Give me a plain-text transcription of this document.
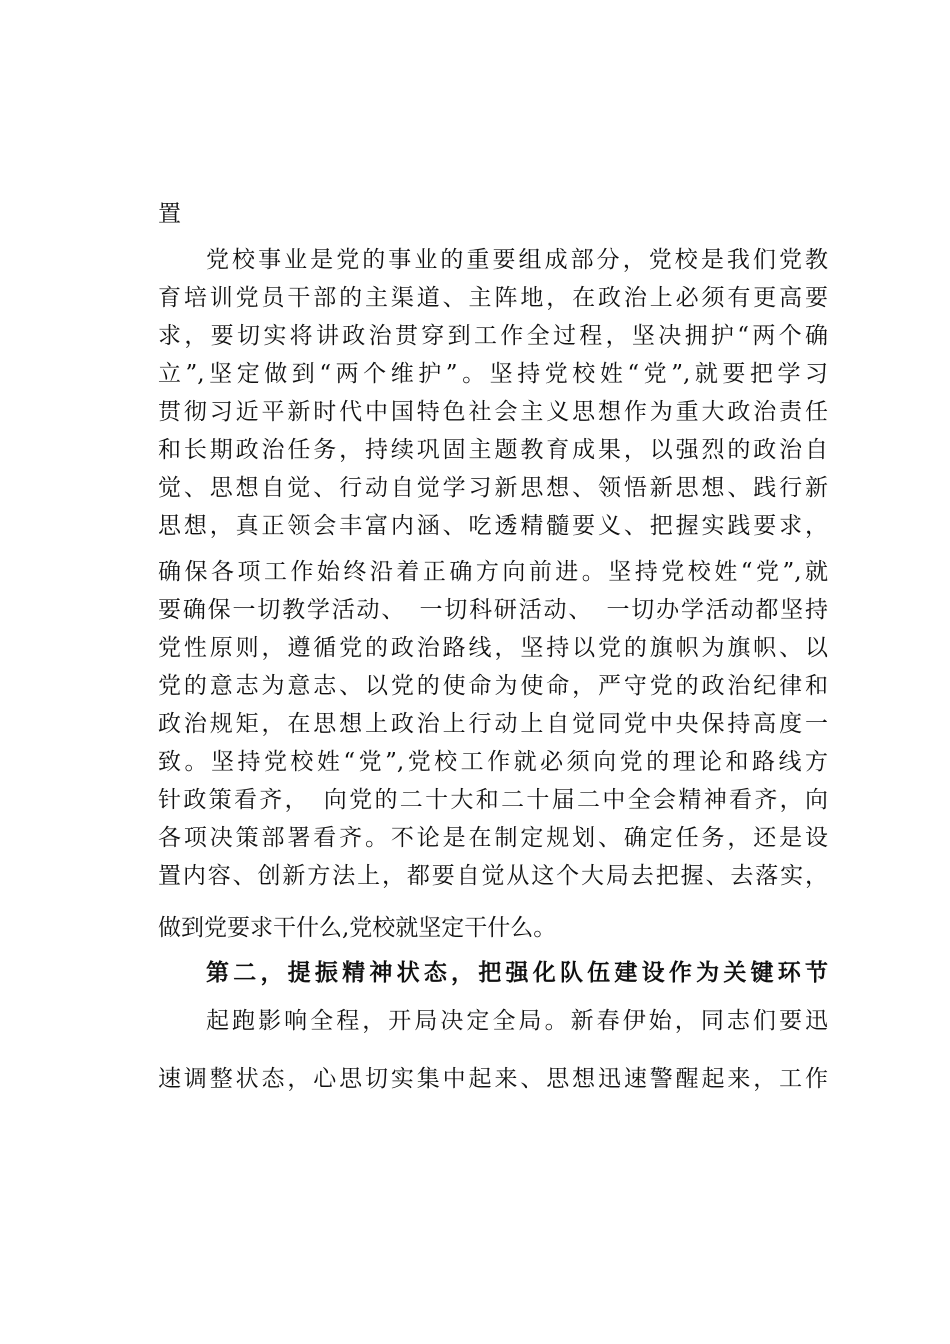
置
党校事业是党的事业的重要组成部分，党校是我们党教
育培训党员干部的主渠道、主阵地，在政治上必须有更高要
求，要切实将讲政治贯穿到工作全过程，坚决拥护“两个确
立”,坚定做到“两个维护”。坚持党校姓“党”,就要把学习
贯彻习近平新时代中国特色社会主义思想作为重大政治责任
和长期政治任务，持续巩固主题教育成果，以强烈的政治自
觉、思想自觉、行动自觉学习新思想、领悟新思想、践行新
思想，真正领会丰富内涵、吃透精髓要义、把握实践要求，
确保各项工作始终沿着正确方向前进。坚持党校姓“党”,就
要确保一切教学活动、　一切科研活动、　一切办学活动都坚持
党性原则，遵循党的政治路线，坚持以党的旗帜为旗帜、以
党的意志为意志、以党的使命为使命，严守党的政治纪律和
政治规矩，在思想上政治上行动上自觉同党中央保持高度一
致。坚持党校姓“党”,党校工作就必须向党的理论和路线方
针政策看齐，　向党的二十大和二十届二中全会精神看齐，向
各项决策部署看齐。不论是在制定规划、确定任务，还是设
置内容、创新方法上，都要自觉从这个大局去把握、去落实，
做到党要求干什么,党校就坚定干什么。
第二，提振精神状态，把强化队伍建设作为关键环节
起跑影响全程，开局决定全局。新春伊始，同志们要迅
速调整状态，心思切实集中起来、思想迅速警醒起来，工作
